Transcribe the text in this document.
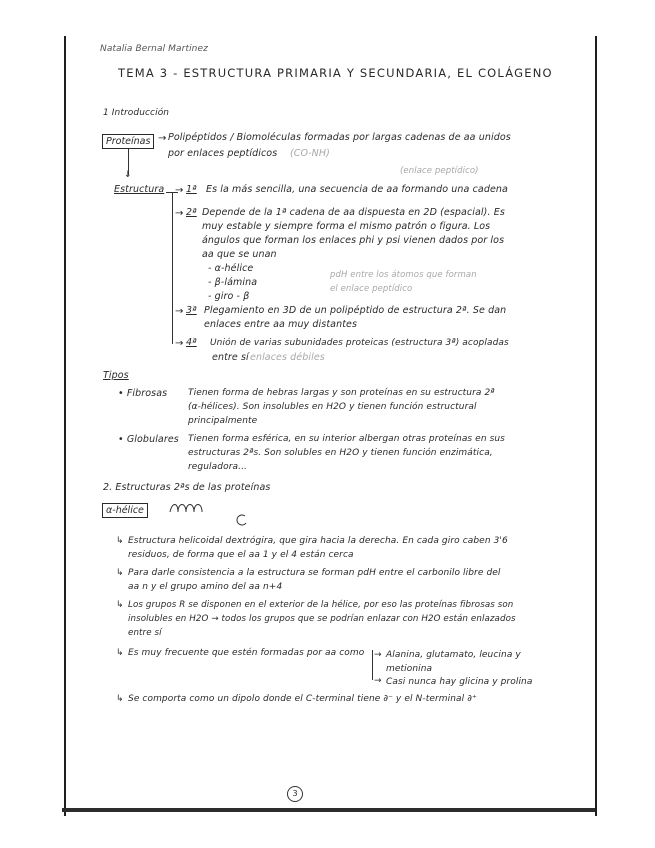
Natalia Bernal Martinez
TEMA 3 - ESTRUCTURA PRIMARIA Y SECUNDARIA, EL COLÁGENO
1 Introducción
Proteínas → Polipéptidos / Biomoléculas formadas por largas cadenas de aa unidos
por enlaces peptídicos (CO-NH)
(enlace peptídico)
↓
Estructura → 1ª Es la más sencilla, una secuencia de aa formando una cadena
→ 2ª Depende de la 1ª cadena de aa dispuesta en 2D (espacial). Es
muy estable y siempre forma el mismo patrón o figura. Los
ángulos que forman los enlaces phi y psi vienen dados por los
aa que se unan
- α-hélice
- β-lámina
- giro - β
pdH entre los átomos que forman
el enlace peptídico
→ 3ª Plegamiento en 3D de un polipéptido de estructura 2ª. Se dan
enlaces entre aa muy distantes
→ 4ª Unión de varias subunidades proteicas (estructura 3ª) acopladas
entre sí enlaces débiles
Tipos
• Fibrosas Tienen forma de hebras largas y son proteínas en su estructura 2ª
(α-hélices). Son insolubles en H2O y tienen función estructural
principalmente
• Globulares Tienen forma esférica, en su interior albergan otras proteínas en sus
estructuras 2ªs. Son solubles en H2O y tienen función enzimática,
reguladora...
2. Estructuras 2ªs de las proteínas
α-hélice
↳ Estructura helicoidal dextrógira, que gira hacia la derecha. En cada giro caben 3'6
residuos, de forma que el aa 1 y el 4 están cerca
↳ Para darle consistencia a la estructura se forman pdH entre el carbonilo libre del
aa n y el grupo amino del aa n+4
↳ Los grupos R se disponen en el exterior de la hélice, por eso las proteínas fibrosas son
insolubles en H2O → todos los grupos que se podrían enlazar con H2O están enlazados
entre sí
↳ Es muy frecuente que estén formadas por aa como → Alanina, glutamato, leucina y
metionina
→ Casi nunca hay glicina y prolina
↳ Se comporta como un dipolo donde el C-terminal tiene ∂⁻ y el N-terminal ∂⁺
3
